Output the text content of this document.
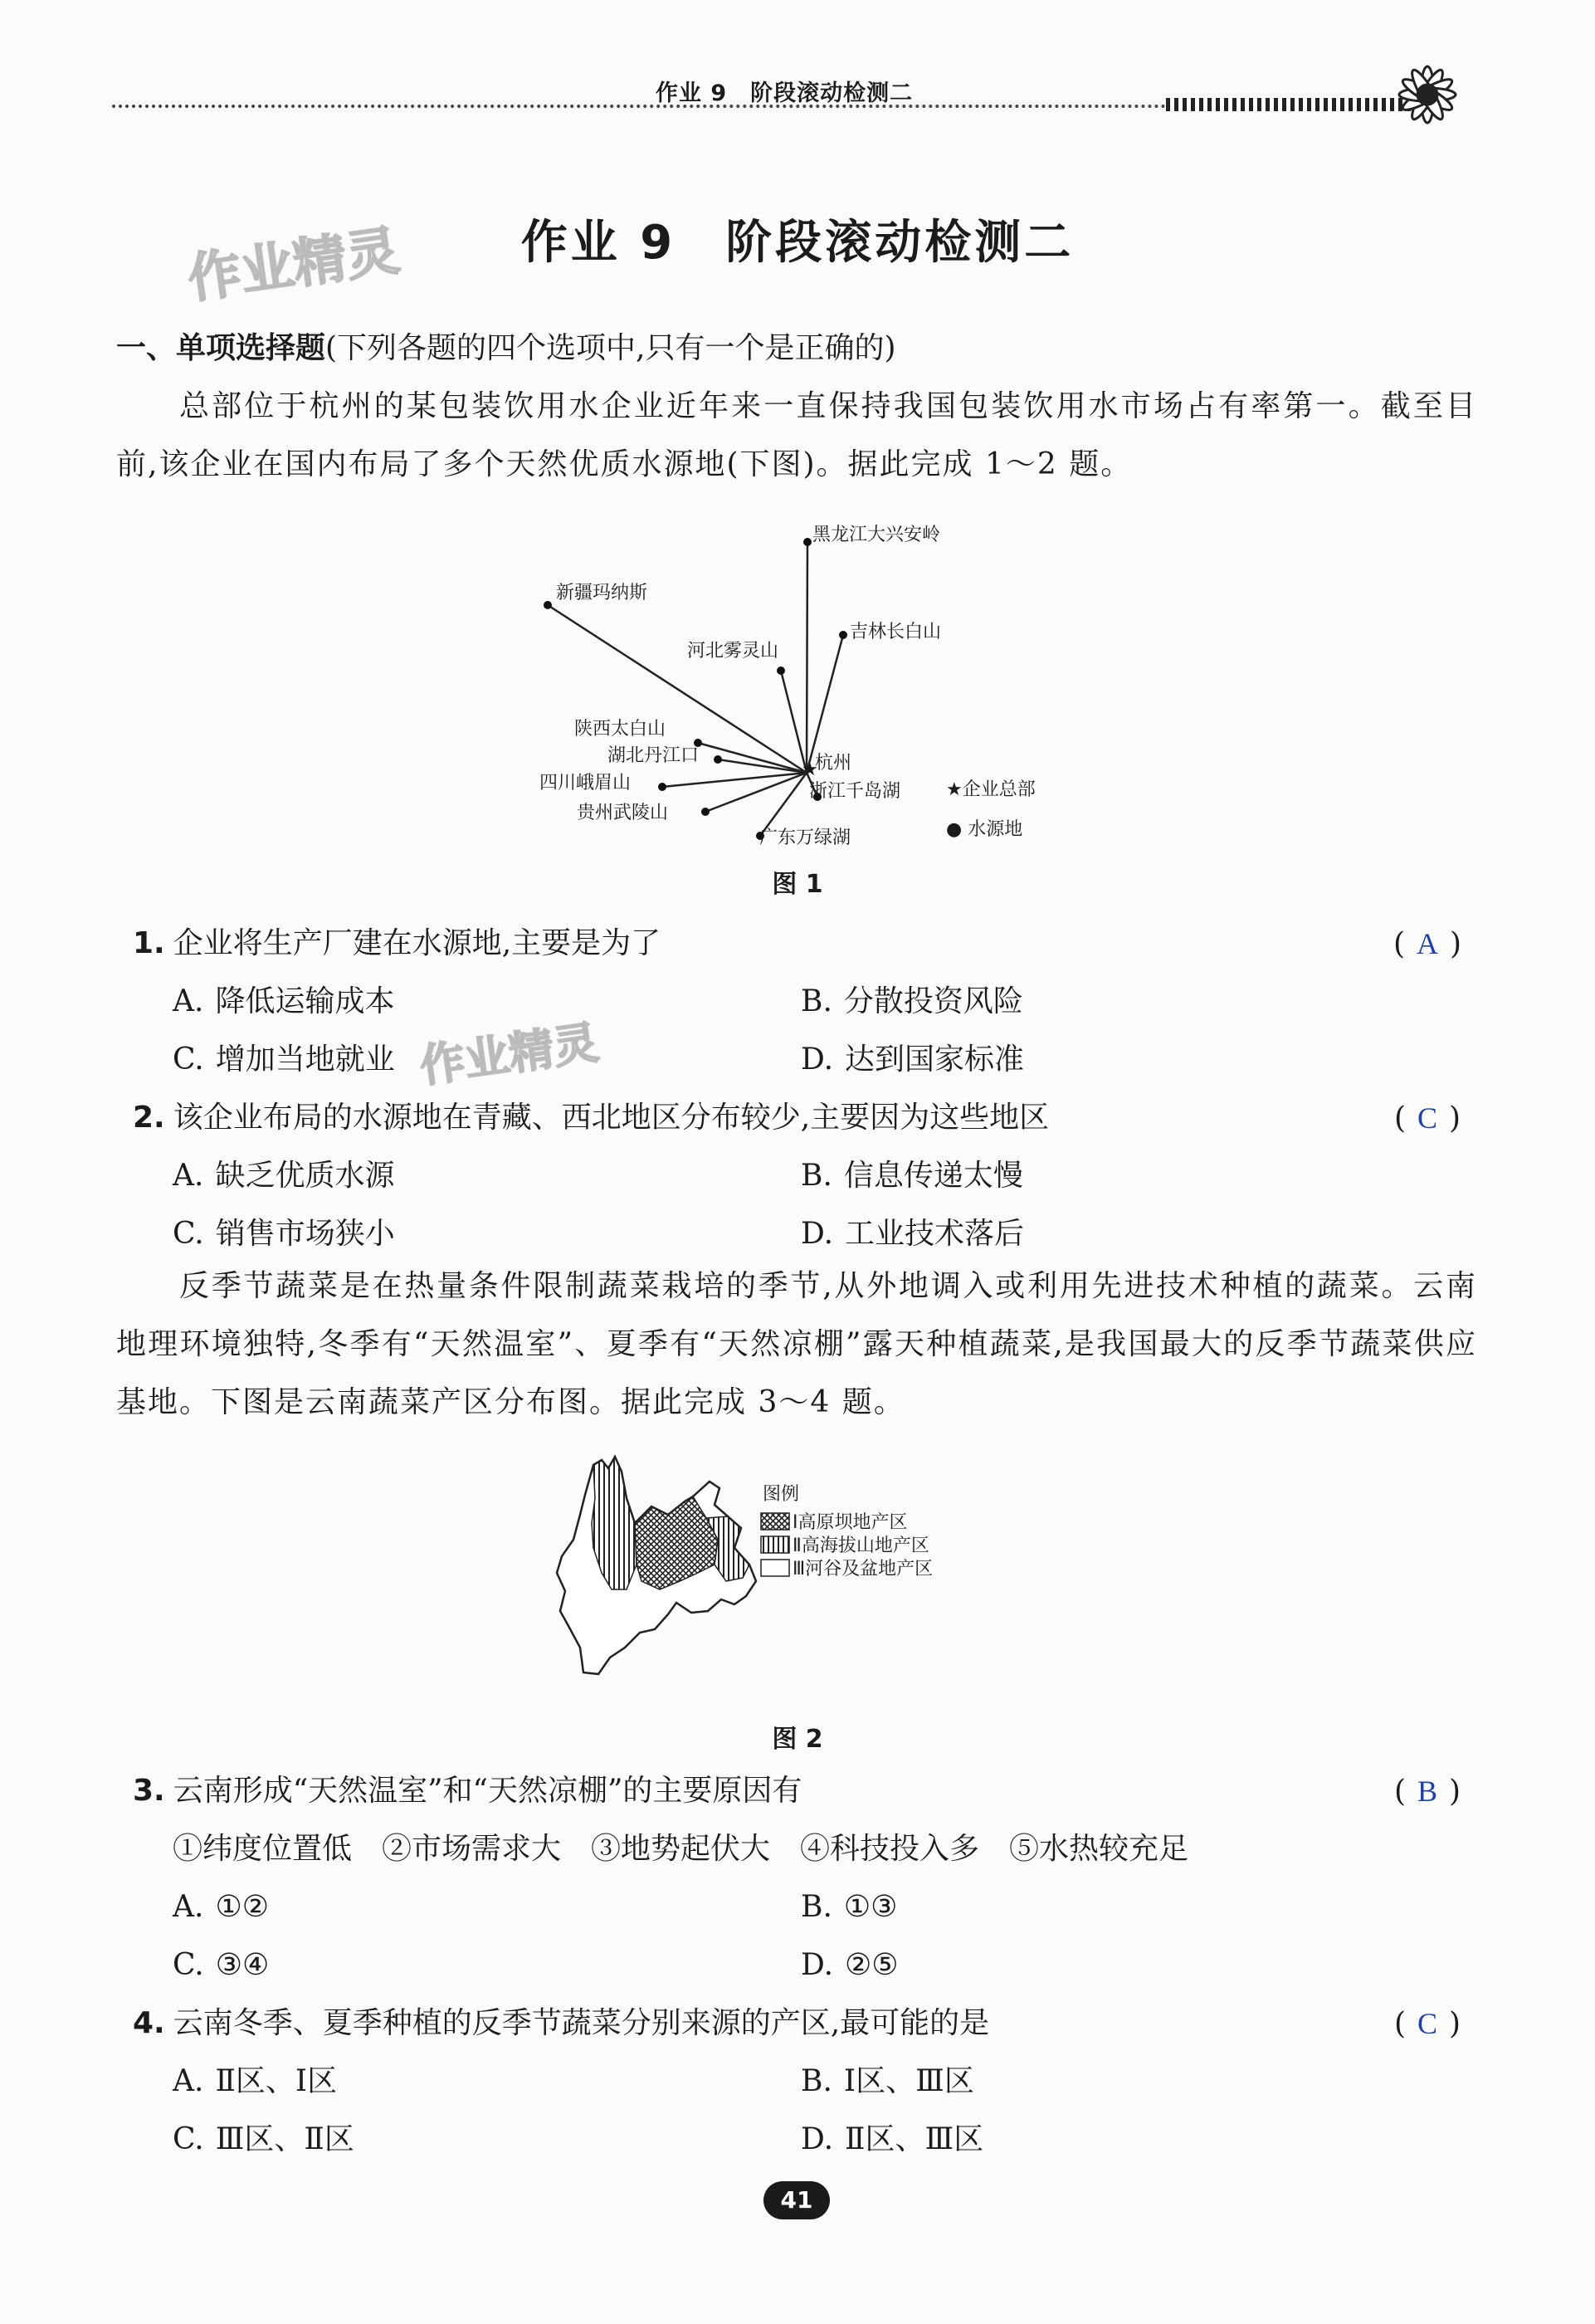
作业 9　阶段滚动检测二
作业精灵
作业精灵
作业 9　阶段滚动检测二
一、单项选择题(下列各题的四个选项中,只有一个是正确的)
总部位于杭州的某包装饮用水企业近年来一直保持我国包装饮用水市场占有率第一。截至目前,该企业在国内布局了多个天然优质水源地(下图)。据此完成 1～2 题。
黑龙江大兴安岭
新疆玛纳斯
吉林长白山
河北雾灵山
陕西太白山
湖北丹江口
四川峨眉山
贵州武陵山
广东万绿湖
浙江千岛湖
★
杭州
★企业总部
● 水源地
图 1
1. 企业将生产厂建在水源地,主要是为了	( A )
A. 降低运输成本	B. 分散投资风险
C. 增加当地就业	D. 达到国家标准
2. 该企业布局的水源地在青藏、西北地区分布较少,主要因为这些地区	( C )
A. 缺乏优质水源	B. 信息传递太慢
C. 销售市场狭小	D. 工业技术落后
反季节蔬菜是在热量条件限制蔬菜栽培的季节,从外地调入或利用先进技术种植的蔬菜。云南地理环境独特,冬季有“天然温室”、夏季有“天然凉棚”露天种植蔬菜,是我国最大的反季节蔬菜供应基地。下图是云南蔬菜产区分布图。据此完成 3～4 题。
图例
Ⅰ高原坝地产区
Ⅱ高海拔山地产区
Ⅲ河谷及盆地产区
图 2
3. 云南形成“天然温室”和“天然凉棚”的主要原因有	( B )
①纬度位置低　②市场需求大　③地势起伏大　④科技投入多　⑤水热较充足
A. ①②	B. ①③
C. ③④	D. ②⑤
4. 云南冬季、夏季种植的反季节蔬菜分别来源的产区,最可能的是	( C )
A. Ⅱ区、Ⅰ区	B. Ⅰ区、Ⅲ区
C. Ⅲ区、Ⅱ区	D. Ⅱ区、Ⅲ区
41
